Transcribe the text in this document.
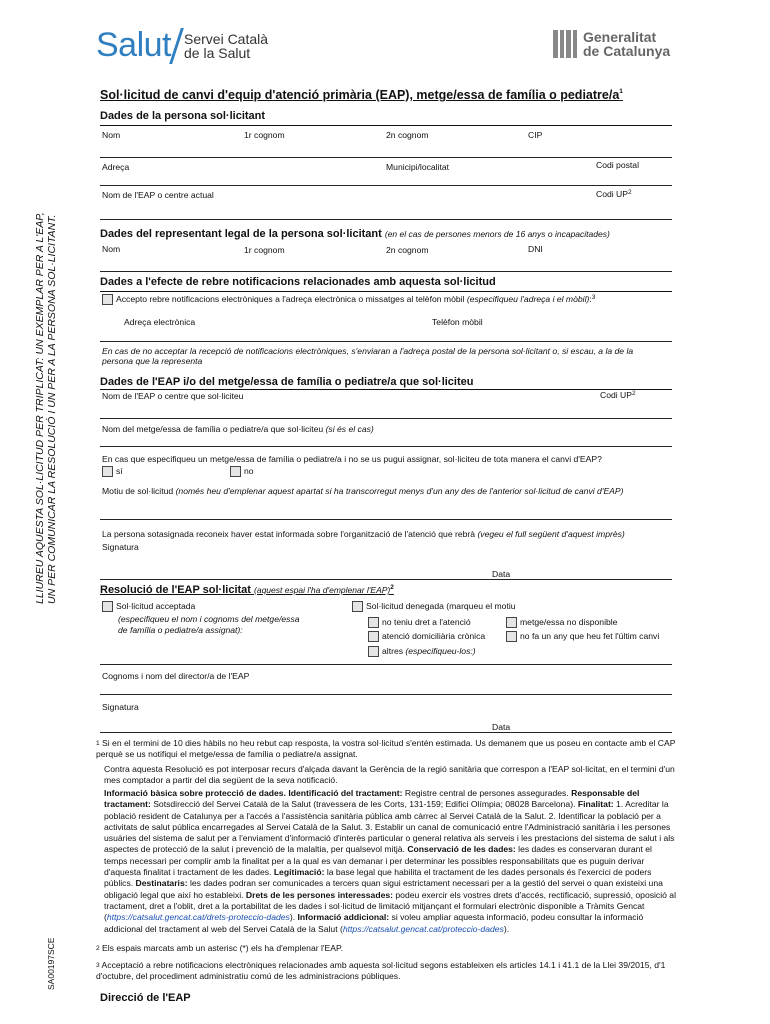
Salut Servei Català
de la Salut
Generalitat
de Catalunya
LLIUREU AQUESTA SOL·LICITUD PER TRIPLICAT: UN EXEMPLAR PER A L'EAP, UN PER COMUNICAR LA RESOLUCIÓ I UN PER A LA PERSONA SOL·LICITANT.
SA00197SCE
Sol·licitud de canvi d'equip d'atenció primària (EAP), metge/essa de família o pediatre/$a^1$
Dades de la persona sol·licitant
Nom	1r cognom	2n cognom	CIP
Adreça	Municipi/localitat	Codi postal
Nom de l'EAP o centre actual	Codi $UP^2$
Dades del representant legal de la persona sol·licitant (en el cas de persones menors de 16 anys o incapacitades)
Nom	1r cognom	2n cognom	DNI
Dades a l'efecte de rebre notificacions relacionades amb aquesta sol·licitud
Accepto rebre notificacions electròniques a l'adreça electrònica o missatges al telèfon mòbil (especifiqueu l'adreça i el mòbil):$^3$
Adreça electrònica	Telèfon mòbil
En cas de no acceptar la recepció de notificacions electròniques, s'enviaran a l'adreça postal de la persona sol·licitant o, si escau, a la de la persona que la representa
Dades de l'EAP i/o del metge/essa de família o pediatre/a que sol·liciteu
Nom de l'EAP o centre que sol·liciteu	Codi $UP^2$
Nom del metge/essa de família o pediatre/a que sol·liciteu (si és el cas)
En cas que especifiqueu un metge/essa de família o pediatre/a i no se us pugui assignar, sol·liciteu de tota manera el canvi d'EAP?
sí	no
Motiu de sol·licitud (només heu d'emplenar aquest apartat si ha transcorregut menys d'un any des de l'anterior sol·licitud de canvi d'EAP)
La persona sotasignada reconeix haver estat informada sobre l'organització de l'atenció que rebrà (vegeu el full següent d'aquest imprès)
Signatura
Data
Resolució de l'EAP sol·licitat (aquest espai l'ha d'emplenar l'EAP)$^2$
Sol·licitud acceptada
(especifiqueu el nom i cognoms del metge/essa
de família o pediatre/a assignat):
Sol·licitud denegada (marqueu el motiu
no teniu dret a l'atenció	metge/essa no disponible
atenció domiciliària crònica	no fa un any que heu fet l'últim canvi
altres (especifiqueu-los:)
Cognoms i nom del director/a de l'EAP
Signatura
Data
$^1$ Si en el termini de 10 dies hàbils no heu rebut cap resposta, la vostra sol·licitud s'entén estimada. Us demanem que us poseu en contacte amb el CAP perquè se us notifiqui el metge/essa de família o pediatre/a assignat.
Contra aquesta Resolució es pot interposar recurs d'alçada davant la Gerència de la regió sanitària que correspon a l'EAP sol·licitat, en el termini d'un mes comptador a partir del dia següent de la seva notificació.
Informació bàsica sobre protecció de dades. Identificació del tractament: Registre central de persones assegurades. Responsable del tractament: Sotsdirecció del Servei Català de la Salut (travessera de les Corts, 131-159; Edifici Olímpia; 08028 Barcelona). Finalitat: 1. Acreditar la població resident de Catalunya per a l'accés a l'assistència sanitària pública amb càrrec al Servei Català de la Salut. 2. Identificar la població per a activitats de salut pública encarregades al Servei Català de la Salut. 3. Establir un canal de comunicació entre l'Administració sanitària i les persones usuàries del sistema de salut per a l'enviament d'informació d'interès particular o general relativa als serveis i les prestacions del sistema de salut i als aspectes de protecció de la salut i prevenció de la malaltia, per qualsevol mitjà. Conservació de les dades: les dades es conservaran durant el temps necessari per complir amb la finalitat per a la qual es van demanar i per determinar les possibles responsabilitats que es puguin derivar d'aquesta finalitat i tractament de les dades. Legitimació: la base legal que habilita el tractament de les dades personals és l'exercici de poders públics. Destinataris: les dades podran ser comunicades a tercers quan sigui estrictament necessari per a la gestió del servei o quan existeixi una obligació legal que així ho estableixi. Drets de les persones interessades: podeu exercir els vostres drets d'accés, rectificació, supressió, oposició al tractament, dret a l'oblit, dret a la portabilitat de les dades i sol·licitud de limitació mitjançant el formulari electrònic disponible a Tràmits Gencat (https://catsalut.gencat.cat/drets-proteccio-dades). Informació addicional: si voleu ampliar aquesta informació, podeu consultar la informació addicional del tractament al web del Servei Català de la Salut (https://catsalut.gencat.cat/proteccio-dades).
$^2$ Els espais marcats amb un asterisc (*) els ha d'emplenar l'EAP.
$^3$ Acceptació a rebre notificacions electròniques relacionades amb aquesta sol·licitud segons estableixen els articles 14.1 i 41.1 de la Llei 39/2015, d'1 d'octubre, del procediment administratiu comú de les administracions públiques.
Direcció de l'EAP
